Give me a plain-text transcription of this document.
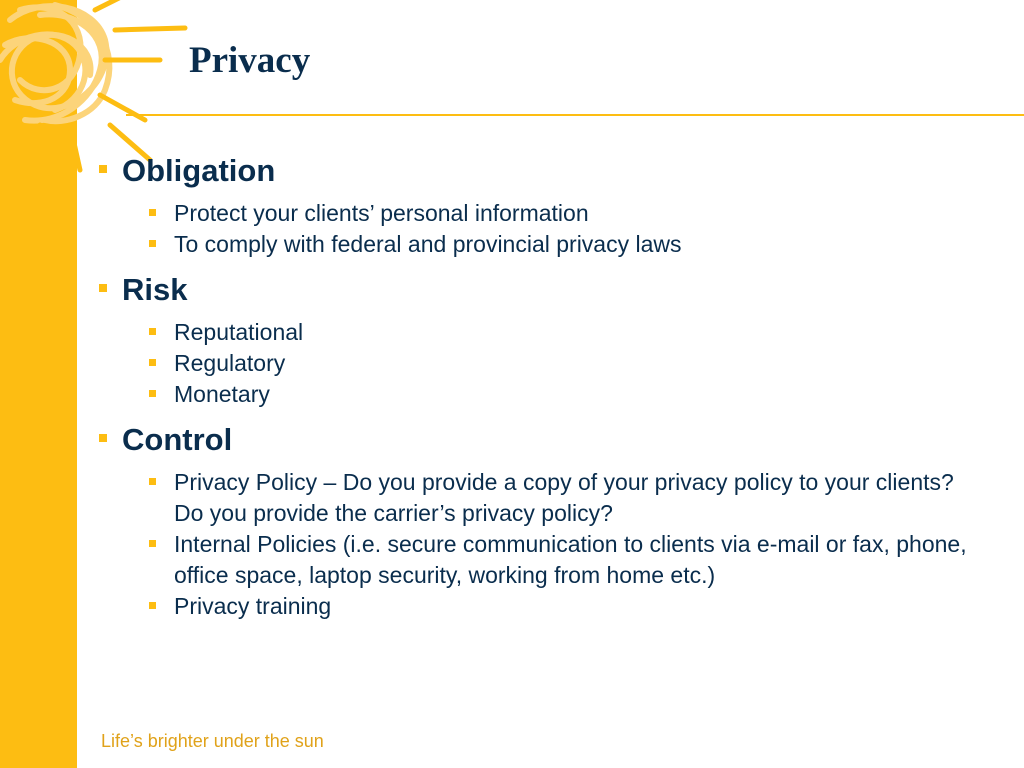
Privacy
Obligation
Protect your clients’ personal information
To comply with federal and provincial privacy laws
Risk
Reputational
Regulatory
Monetary
Control
Privacy Policy – Do you provide a copy of your privacy policy to your clients? Do you provide the carrier’s privacy policy?
Internal Policies (i.e. secure communication to clients via e-mail or fax, phone, office space, laptop security, working from home etc.)
Privacy training
Life’s brighter under the sun
